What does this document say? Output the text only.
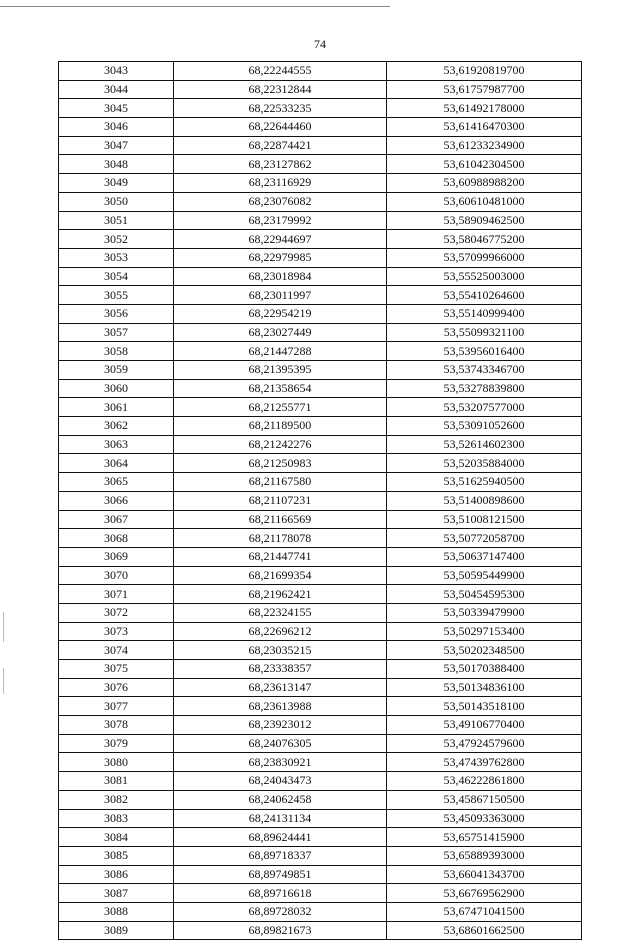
74
3043	68,22244555	53,61920819700
3044	68,22312844	53,61757987700
3045	68,22533235	53,61492178000
3046	68,22644460	53,61416470300
3047	68,22874421	53,61233234900
3048	68,23127862	53,61042304500
3049	68,23116929	53,60988988200
3050	68,23076082	53,60610481000
3051	68,23179992	53,58909462500
3052	68,22944697	53,58046775200
3053	68,22979985	53,57099966000
3054	68,23018984	53,55525003000
3055	68,23011997	53,55410264600
3056	68,22954219	53,55140999400
3057	68,23027449	53,55099321100
3058	68,21447288	53,53956016400
3059	68,21395395	53,53743346700
3060	68,21358654	53,53278839800
3061	68,21255771	53,53207577000
3062	68,21189500	53,53091052600
3063	68,21242276	53,52614602300
3064	68,21250983	53,52035884000
3065	68,21167580	53,51625940500
3066	68,21107231	53,51400898600
3067	68,21166569	53,51008121500
3068	68,21178078	53,50772058700
3069	68,21447741	53,50637147400
3070	68,21699354	53,50595449900
3071	68,21962421	53,50454595300
3072	68,22324155	53,50339479900
3073	68,22696212	53,50297153400
3074	68,23035215	53,50202348500
3075	68,23338357	53,50170388400
3076	68,23613147	53,50134836100
3077	68,23613988	53,50143518100
3078	68,23923012	53,49106770400
3079	68,24076305	53,47924579600
3080	68,23830921	53,47439762800
3081	68,24043473	53,46222861800
3082	68,24062458	53,45867150500
3083	68,24131134	53,45093363000
3084	68,89624441	53,65751415900
3085	68,89718337	53,65889393000
3086	68,89749851	53,66041343700
3087	68,89716618	53,66769562900
3088	68,89728032	53,67471041500
3089	68,89821673	53,68601662500
